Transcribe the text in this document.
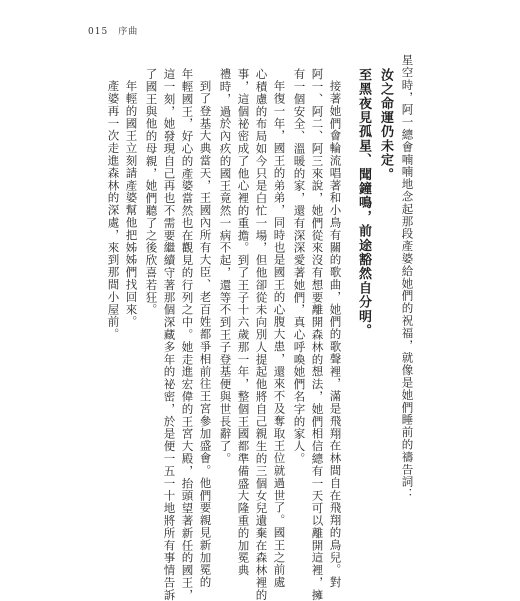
015 序曲
星空時，阿一總會喃喃地念起那段產婆給她們的祝福，就像是她們睡前的禱告詞：
汝之命運仍未定。
至黑夜見孤星、聞鐘鳴，前途豁然自分明。
接著她們會輪流唱著和小鳥有關的歌曲，她們的歌聲裡，滿是飛翔在林間自在飛翔的鳥兒。對
阿一、阿二、阿三來說，她們從來沒有想要離開森林的想法，她們相信總有一天可以離開這裡，擁
有一個安全、溫暖的家，還有深深愛著她們，真心呼喚她們名字的家人。
年復一年，國王的弟弟，同時也是國王的心腹大患，還來不及奪取王位就過世了。國王之前處
心積慮的布局如今只是白忙一場，但他卻從未向別人提起他將自己親生的三個女兒遺棄在森林裡的
事，這個祕密成了他心裡的重擔。到了王子十六歲那一年，整個王國都準備盛大隆重的加冕典
禮時，過於內疚的國王竟然一病不起，還等不到王子登基便與世長辭了。
到了登基大典當天，王國內所有大臣、老百姓都爭相前往王宮參加盛會。他們要親見新加冕的
年輕國王，好心的產婆當然也在觀見的行列之中。她走進宏偉的王宮大殿，抬頭望著新任的國王，
這一刻，她發現自己再也不需要繼續守著那個深藏多年的祕密，於是便一五一十地將所有事情告訴
了國王與他的母親，她們聽了之後欣喜若狂。
年輕的國王立刻請產婆幫他把姊姊們找回來。
產婆再一次走進森林的深處，來到那間小屋前。
